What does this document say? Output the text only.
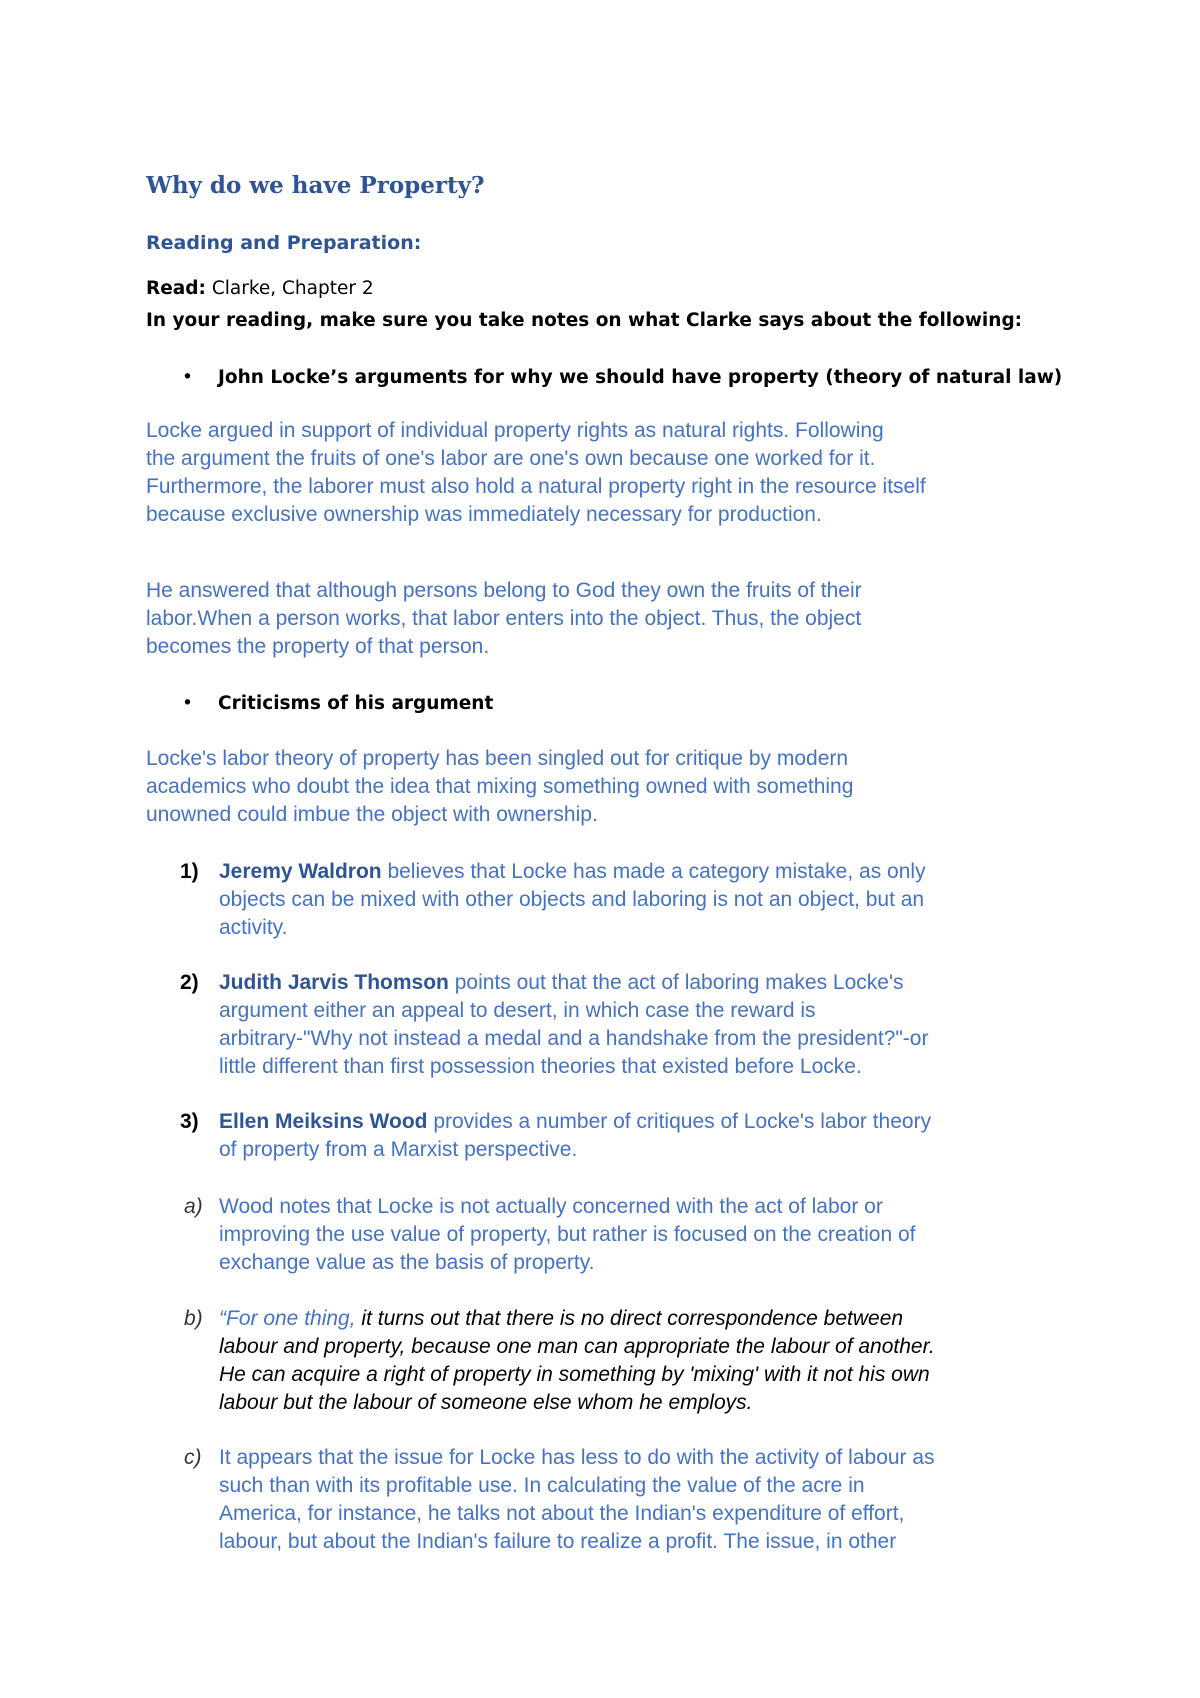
Why do we have Property?
Reading and Preparation:

Read: Clarke, Chapter 2

In your reading, make sure you take notes on what Clarke says about the following:

• John Locke’s arguments for why we should have property (theory of natural law)

Locke argued in support of individual property rights as natural rights. Following
the argument the fruits of one's labor are one's own because one worked for it.
Furthermore, the laborer must also hold a natural property right in the resource itself
because exclusive ownership was immediately necessary for production.
He answered that although persons belong to God they own the fruits of their
labor.When a person works, that labor enters into the object. Thus, the object
becomes the property of that person.
• Criticisms of his argument

Locke's labor theory of property has been singled out for critique by modern
academics who doubt the idea that mixing something owned with something
unowned could imbue the object with ownership.
1) Jeremy Waldron believes that Locke has made a category mistake, as only
objects can be mixed with other objects and laboring is not an object, but an
activity.
2) Judith Jarvis Thomson points out that the act of laboring makes Locke's
argument either an appeal to desert, in which case the reward is
arbitrary-"Why not instead a medal and a handshake from the president?"-or
little different than first possession theories that existed before Locke.
3) Ellen Meiksins Wood provides a number of critiques of Locke's labor theory
of property from a Marxist perspective.
a) Wood notes that Locke is not actually concerned with the act of labor or
improving the use value of property, but rather is focused on the creation of
exchange value as the basis of property.
b) “For one thing, it turns out that there is no direct correspondence between
labour and property, because one man can appropriate the labour of another.
He can acquire a right of property in something by 'mixing' with it not his own
labour but the labour of someone else whom he employs.
c) It appears that the issue for Locke has less to do with the activity of labour as
such than with its profitable use. In calculating the value of the acre in
America, for instance, he talks not about the Indian's expenditure of effort,
labour, but about the Indian's failure to realize a profit. The issue, in other
